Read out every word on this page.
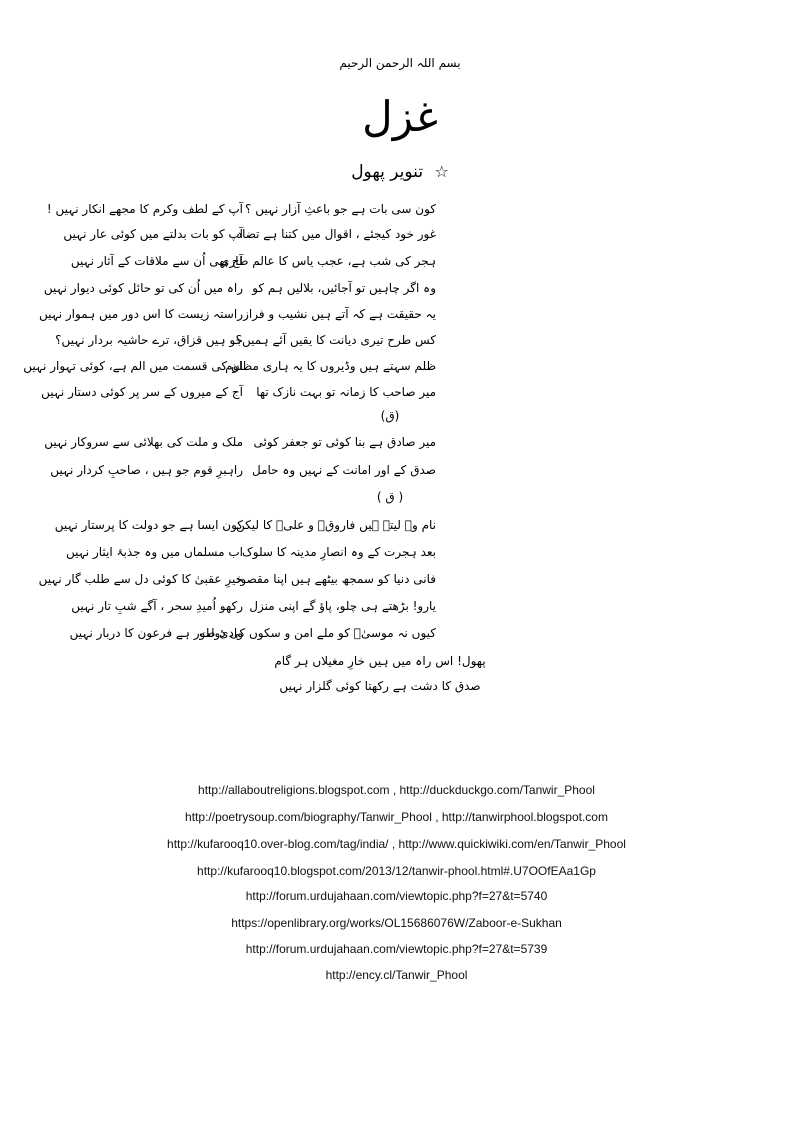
بسم اللہ الرحمن الرحیم
غزل
☆ تنویر پھول
کون سی بات ہے جو باعثِ آزار نہیں ؟
آپ کے لطف وکرم کا مجھے انکار نہیں !
غور خود کیجئے ، اقوال میں کتنا ہے تضاد
آپ کو بات بدلتے میں کوئی عار نہیں
ہجر کی شب ہے، عجب یاس کا عالم طاری
آج بھی اُن سے ملاقات کے آثار نہیں
وہ اگر چاہیں تو آجائیں، بلالیں ہم کو
راہ میں اُن کی تو حائل کوئی دیوار نہیں
یہ حقیقت ہے کہ آتے ہیں نشیب و فراز
راستہ زیست کا اس دور میں ہموار نہیں
کس طرح تیری دیانت کا یقیں آئے ہمیں؟
جو ہیں قزاق، ترے حاشیہ بردار نہیں؟
ظلم سہتے ہیں وڈیروں کا یہ ہاری مظلوم
ان کی قسمت میں الم ہے، کوئی تہوار نہیں
میر صاحب کا زمانہ تو بہت نازک تھا
آج کے میروں کے سر پر کوئی دستار نہیں
(ق)
میر صادق ہے بنا کوئی تو جعفر کوئی
ملک و ملت کی بھلائی سے سروکار نہیں
صدق کے اور امانت کے نہیں وہ حامل
راہبرِ قوم جو ہیں ، صاحبِ کردار نہیں
( ق )
نام وہ لیتے ہیں فاروقؓ و علیؓ کا لیکن
کون ایسا ہے جو دولت کا پرستار نہیں
بعد ہجرت کے وہ انصارِ مدینہ کا سلوک
اب مسلماں میں وہ جذبۂ ایثار نہیں
فانی دنیا کو سمجھ بیٹھے ہیں اپنا مقصود
خیرِ عقبیٰ کا کوئی دل سے طلب گار نہیں
یارو! بڑھتے ہی چلو، پاؤ گے اپنی منزل
رکھو اُمیدِ سحر ، آگے شبِ تار نہیں
کیوں نہ موسیٰؑ کو ملے امن و سکوں کی دولت
وادیٔ طور ہے فرعون کا دربار نہیں
پھول! اس راہ میں ہیں خارِ مغیلاں ہر گام
صدق کا دشت ہے رکھتا کوئی گلزار نہیں
http://allaboutreligions.blogspot.com , http://duckduckgo.com/Tanwir_Phool
http://poetrysoup.com/biography/Tanwir_Phool , http://tanwirphool.blogspot.com
http://kufarooq10.over-blog.com/tag/india/ , http://www.quickiwiki.com/en/Tanwir_Phool
http://kufarooq10.blogspot.com/2013/12/tanwir-phool.html#.U7OOfEAa1Gp
http://forum.urdujahaan.com/viewtopic.php?f=27&t=5740
https://openlibrary.org/works/OL15686076W/Zaboor-e-Sukhan
http://forum.urdujahaan.com/viewtopic.php?f=27&t=5739
http://ency.cl/Tanwir_Phool
